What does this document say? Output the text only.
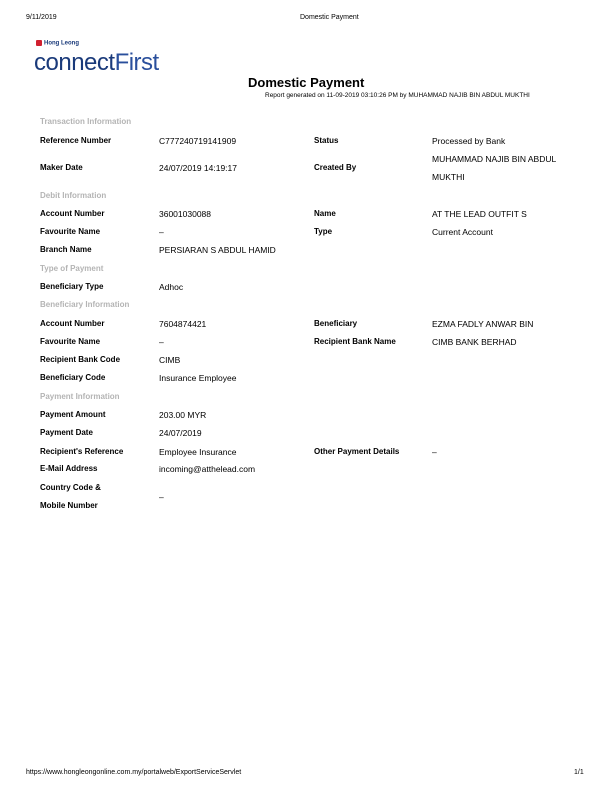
9/11/2019	Domestic Payment
Hong Leong
connectFirst
Domestic Payment
Report generated on 11-09-2019 03:10:26 PM by MUHAMMAD NAJIB BIN ABDUL MUKTHI
Transaction Information
Reference Number	C777240719141909	Status	Processed by Bank
Maker Date	24/07/2019 14:19:17	Created By
MUHAMMAD NAJIB BIN ABDUL
MUKTHI
Debit Information
Account Number	36001030088	Name	AT THE LEAD OUTFIT S
Favourite Name	–	Type	Current Account
Branch Name	PERSIARAN S ABDUL HAMID
Type of Payment
Beneficiary Type	Adhoc
Beneficiary Information
Account Number	7604874421	Beneficiary	EZMA FADLY ANWAR BIN
Favourite Name	–	Recipient Bank Name	CIMB BANK BERHAD
Recipient Bank Code	CIMB
Beneficiary Code	Insurance Employee
Payment Information
Payment Amount	203.00 MYR
Payment Date	24/07/2019
Recipient's Reference	Employee Insurance	Other Payment Details	–
E-Mail Address	incoming@atthelead.com
Country Code &
Mobile Number
–
https://www.hongleongonline.com.my/portalweb/ExportServiceServlet	1/1
